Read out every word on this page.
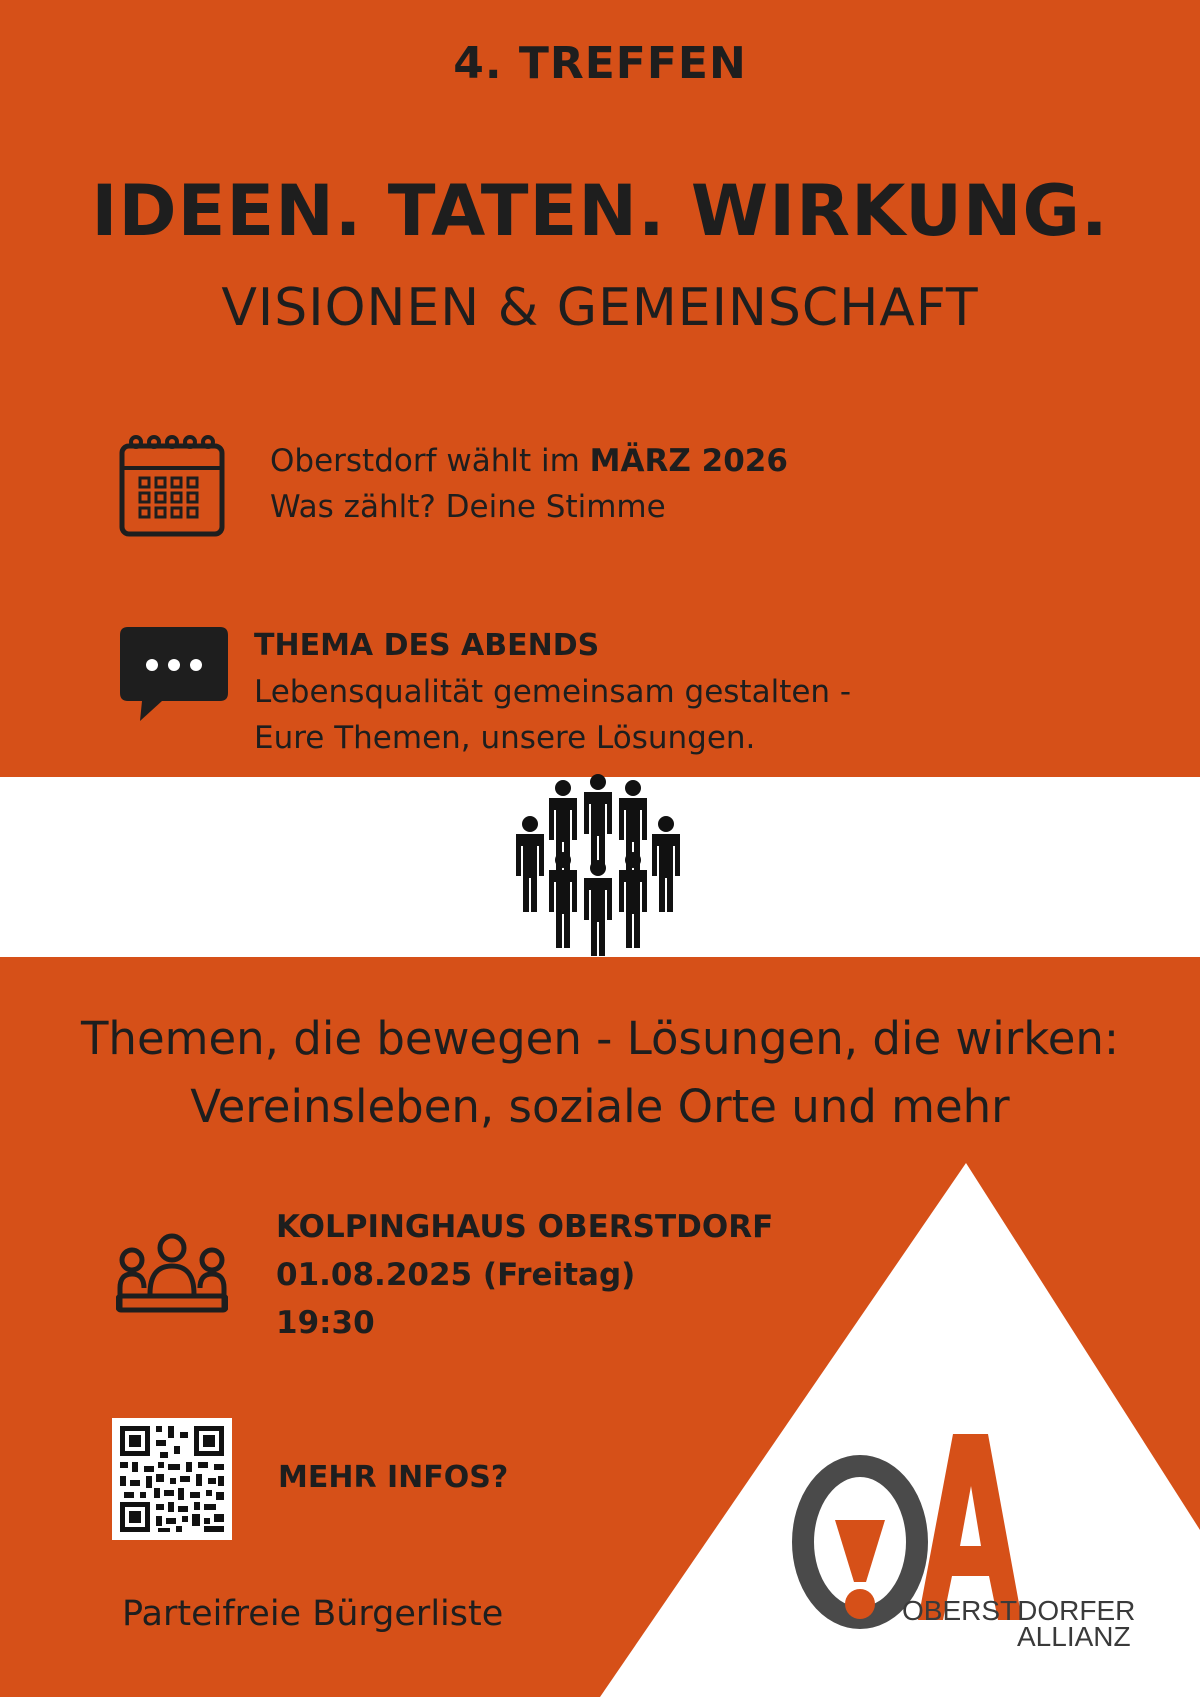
4. TREFFEN
IDEEN. TATEN. WIRKUNG.
VISIONEN & GEMEINSCHAFT
Oberstdorf wählt im MÄRZ 2026
Was zählt? Deine Stimme
THEMA DES ABENDS
Lebensqualität gemeinsam gestalten -
Eure Themen, unsere Lösungen.
Themen, die bewegen - Lösungen, die wirken:
Vereinsleben, soziale Orte und mehr
KOLPINGHAUS OBERSTDORF
01.08.2025 (Freitag)
19:30
MEHR INFOS?
Parteifreie Bürgerliste	OBERSTDORFER
ALLIANZ
